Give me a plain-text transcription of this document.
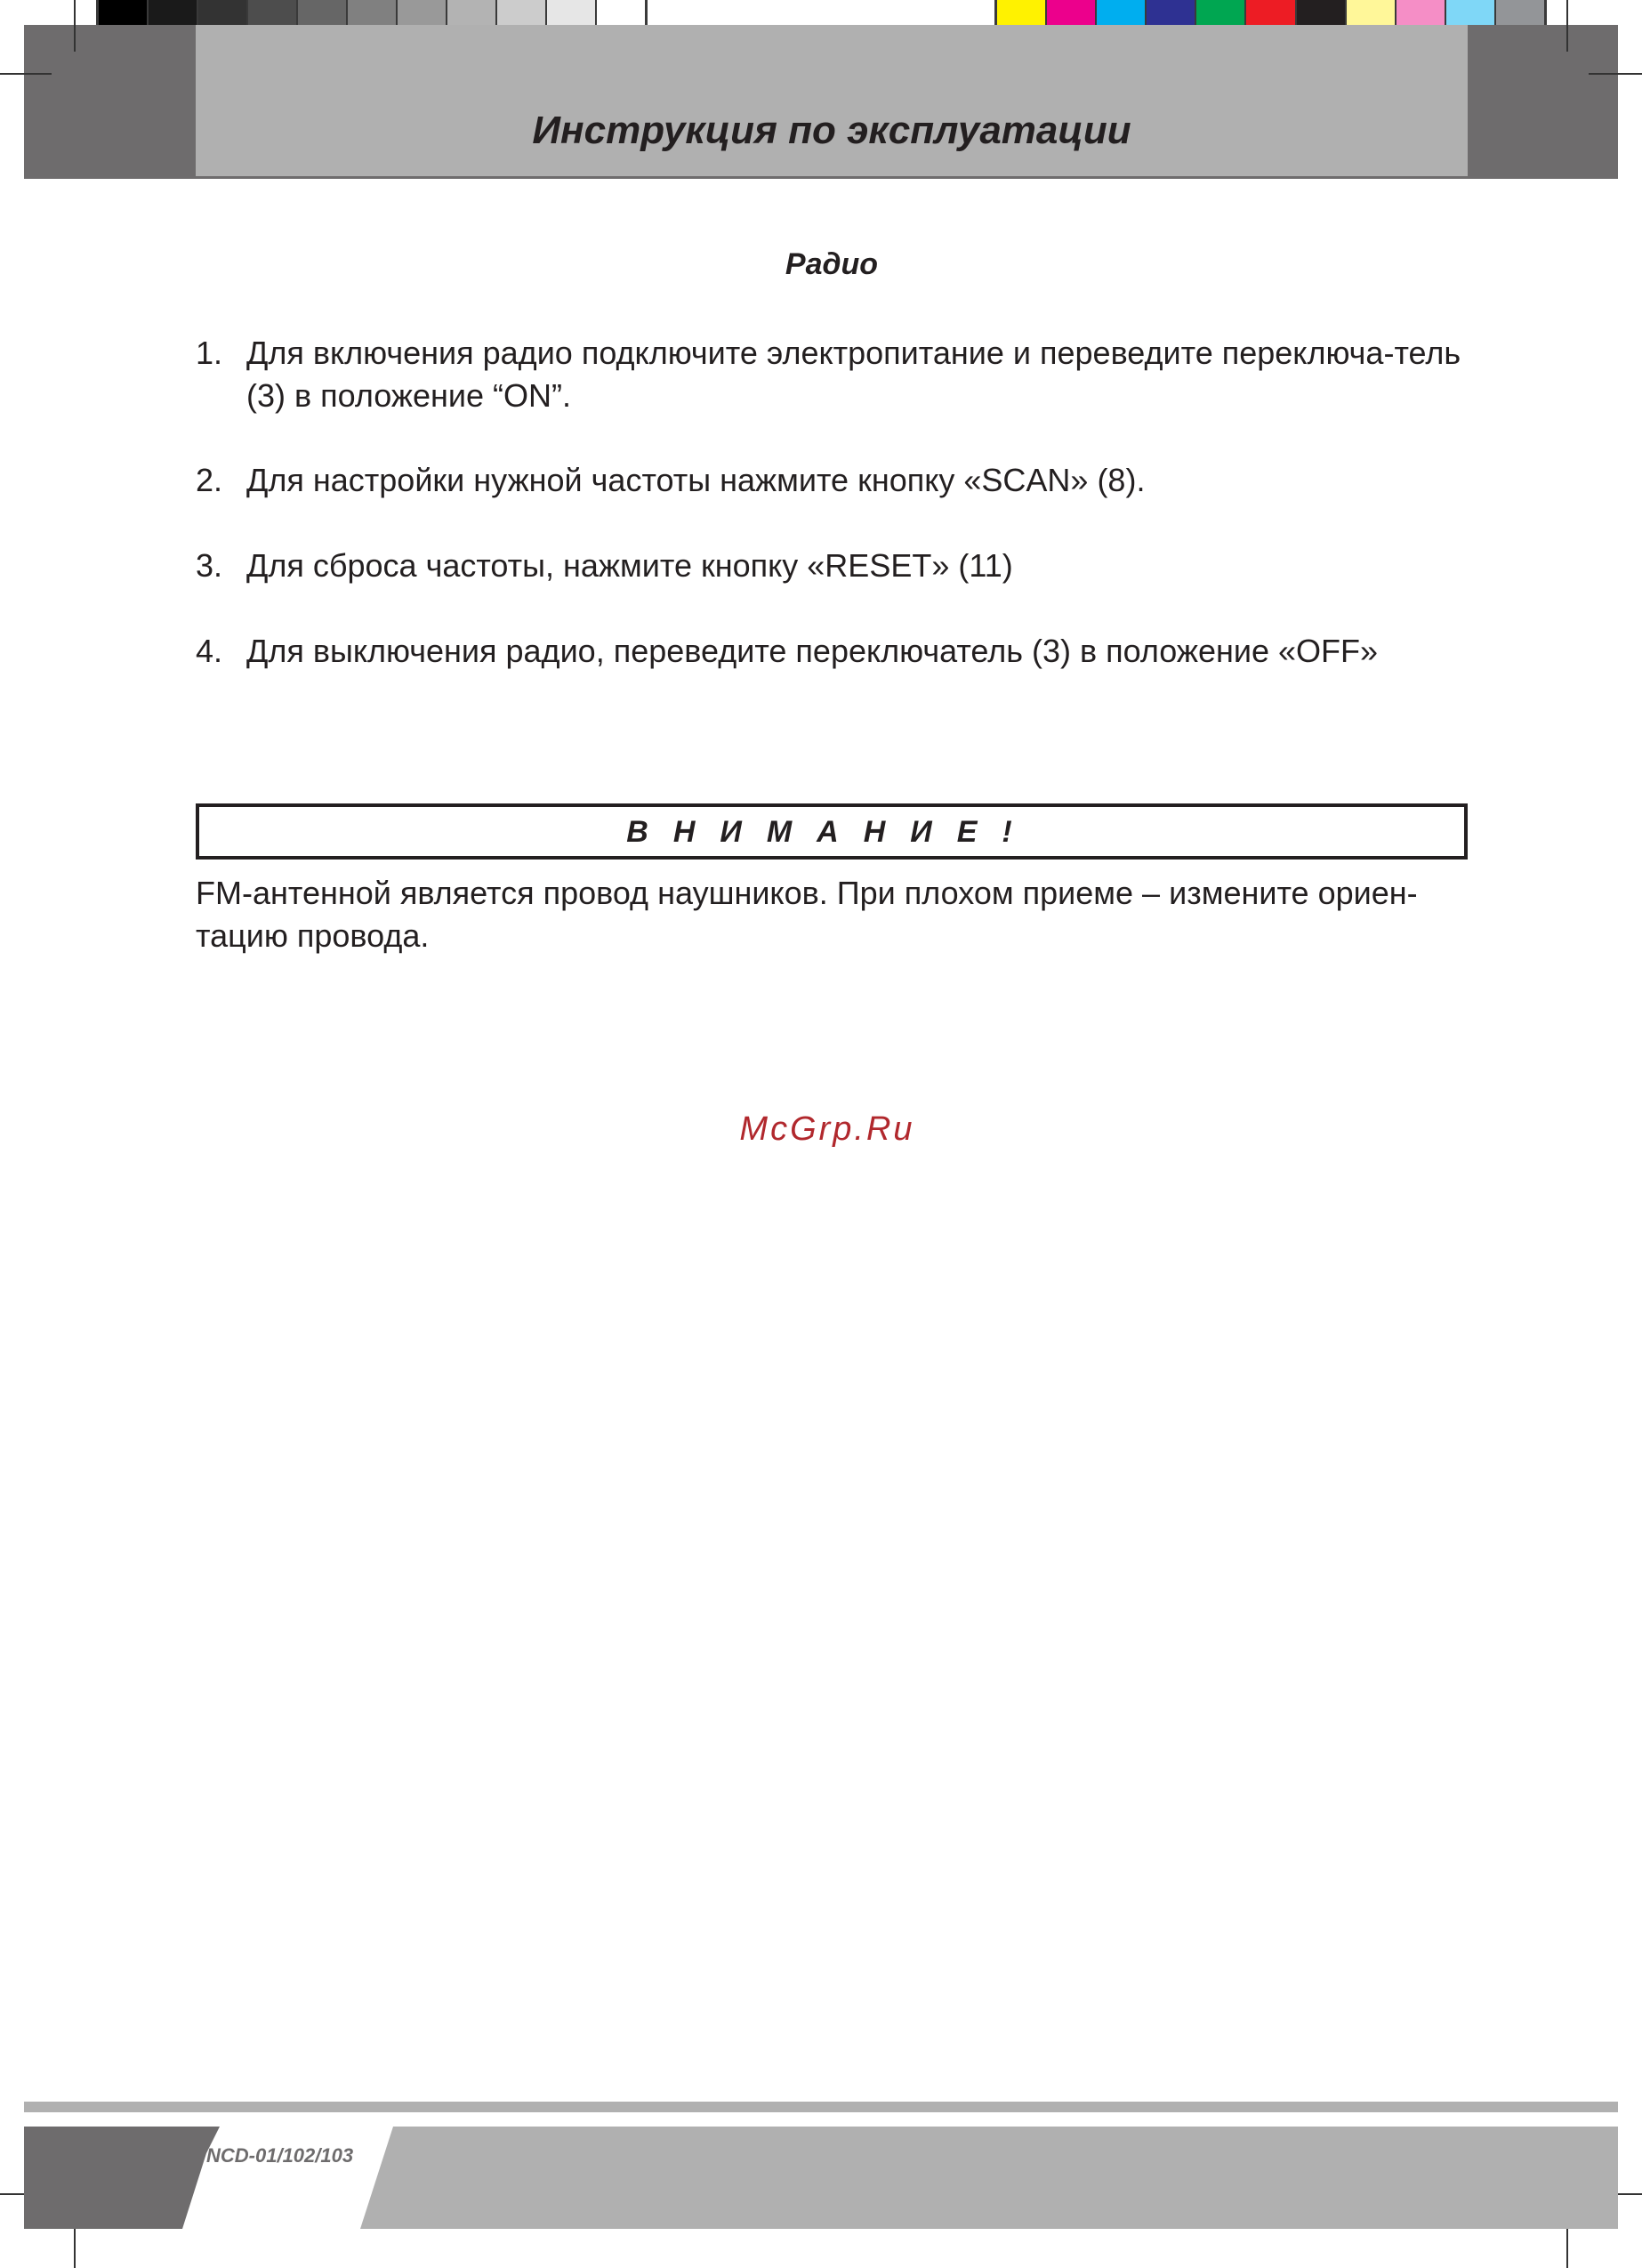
Инструкция по эксплуатации
Радио
1. Для включения радио подключите электропитание и переведите переключа-тель (3) в положение “ON”.
2. Для настройки нужной частоты нажмите кнопку «SCAN» (8).
3. Для сброса частоты, нажмите кнопку «RESET» (11)
4. Для выключения радио, переведите переключатель (3) в положение «OFF»
ВНИМАНИЕ!
FM-антенной является провод наушников. При плохом приеме – измените ориен-тацию провода.
McGrp.Ru
NCD-01/102/103
